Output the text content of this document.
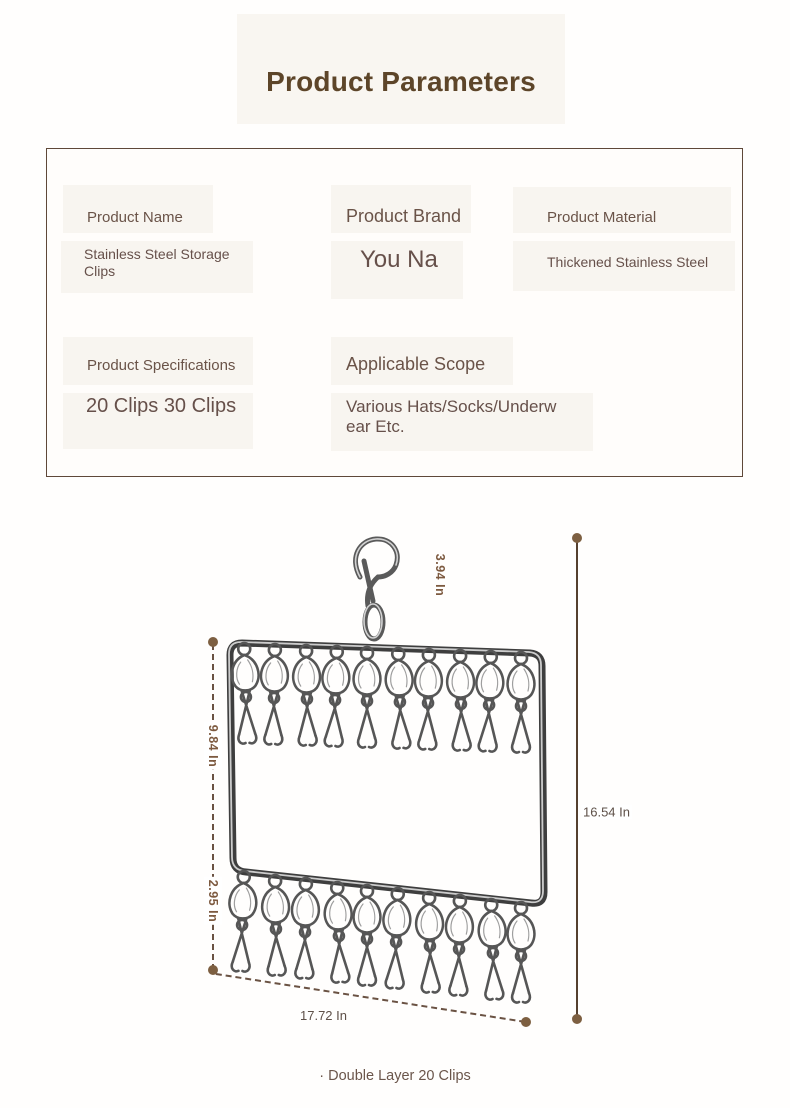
Product Parameters
Product Name
Stainless Steel Storage Clips
Product Brand
You Na
Product Material
Thickened Stainless Steel
Product Specifications
20 Clips 30 Clips
Applicable Scope
Various Hats/Socks/Underwear Etc.
3.94 In
9.84 In
2.95 In
16.54 In
17.72 In
· Double Layer 20 Clips
